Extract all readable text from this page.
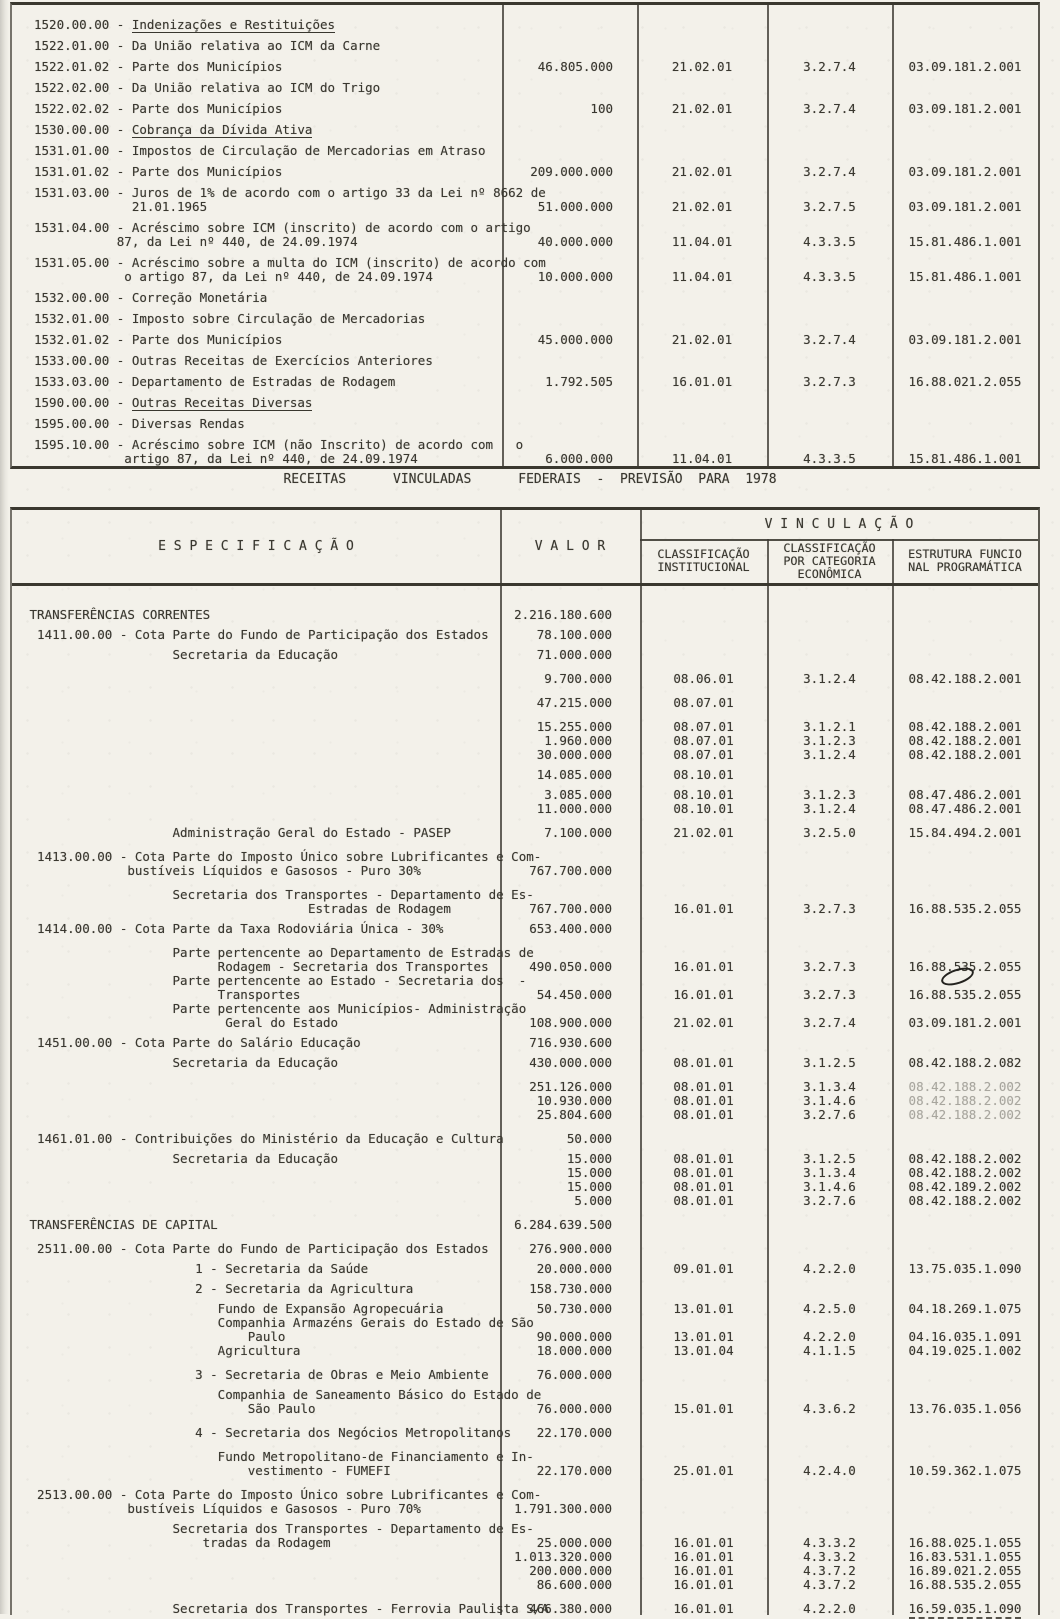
1520.00.00 - Indenizações e Restituições
1522.01.00 - Da União relativa ao ICM da Carne
1522.01.02 - Parte dos Municípios	46.805.000	21.02.01	3.2.7.4	03.09.181.2.001
1522.02.00 - Da União relativa ao ICM do Trigo
1522.02.02 - Parte dos Municípios	100	21.02.01	3.2.7.4	03.09.181.2.001
1530.00.00 - Cobrança da Dívida Ativa
1531.01.00 - Impostos de Circulação de Mercadorias em Atraso
1531.01.02 - Parte dos Municípios	209.000.000	21.02.01	3.2.7.4	03.09.181.2.001
1531.03.00 - Juros de 1% de acordo com o artigo 33 da Lei nº 8662 de
21.01.1965	51.000.000	21.02.01	3.2.7.5	03.09.181.2.001
1531.04.00 - Acréscimo sobre ICM (inscrito) de acordo com o artigo
87, da Lei nº 440, de 24.09.1974	40.000.000	11.04.01	4.3.3.5	15.81.486.1.001
1531.05.00 - Acréscimo sobre a multa do ICM (inscrito) de acordo com
o artigo 87, da Lei nº 440, de 24.09.1974	10.000.000	11.04.01	4.3.3.5	15.81.486.1.001
1532.00.00 - Correção Monetária
1532.01.00 - Imposto sobre Circulação de Mercadorias
1532.01.02 - Parte dos Municípios	45.000.000	21.02.01	3.2.7.4	03.09.181.2.001
1533.00.00 - Outras Receitas de Exercícios Anteriores
1533.03.00 - Departamento de Estradas de Rodagem	1.792.505	16.01.01	3.2.7.3	16.88.021.2.055
1590.00.00 - Outras Receitas Diversas
1595.00.00 - Diversas Rendas
1595.10.00 - Acréscimo sobre ICM (não Inscrito) de acordo com   o
artigo 87, da Lei nº 440, de 24.09.1974	6.000.000	11.04.01	4.3.3.5	15.81.486.1.001
RECEITAS      VINCULADAS      FEDERAIS  -  PREVISÃO  PARA  1978
E S P E C I F I C A Ç Ã O	V A L O R
V I N C U L A Ç Ã O
CLASSIFICAÇÃO
INSTITUCIONAL
CLASSIFICAÇÃO
POR CATEGORIA
ECONÔMICA
ESTRUTURA FUNCIO
NAL PROGRAMÁTICA
TRANSFERÊNCIAS CORRENTES	2.216.180.600
1411.00.00 - Cota Parte do Fundo de Participação dos Estados	78.100.000
Secretaria da Educação	71.000.000
9.700.000	08.06.01	3.1.2.4	08.42.188.2.001
47.215.000	08.07.01
15.255.000	08.07.01	3.1.2.1	08.42.188.2.001
1.960.000	08.07.01	3.1.2.3	08.42.188.2.001
30.000.000	08.07.01	3.1.2.4	08.42.188.2.001
14.085.000	08.10.01
3.085.000	08.10.01	3.1.2.3	08.47.486.2.001
11.000.000	08.10.01	3.1.2.4	08.47.486.2.001
Administração Geral do Estado - PASEP	7.100.000	21.02.01	3.2.5.0	15.84.494.2.001
1413.00.00 - Cota Parte do Imposto Único sobre Lubrificantes e Com-
bustíveis Líquidos e Gasosos - Puro 30%	767.700.000
Secretaria dos Transportes - Departamento de Es-
Estradas de Rodagem	767.700.000	16.01.01	3.2.7.3	16.88.535.2.055
1414.00.00 - Cota Parte da Taxa Rodoviária Única - 30%	653.400.000
Parte pertencente ao Departamento de Estradas de
Rodagem - Secretaria dos Transportes	490.050.000	16.01.01	3.2.7.3	16.88.535.2.055
Parte pertencente ao Estado - Secretaria dos  -
Transportes	54.450.000	16.01.01	3.2.7.3	16.88.535.2.055
Parte pertencente aos Municípios- Administração
Geral do Estado	108.900.000	21.02.01	3.2.7.4	03.09.181.2.001
1451.00.00 - Cota Parte do Salário Educação	716.930.600
Secretaria da Educação	430.000.000	08.01.01	3.1.2.5	08.42.188.2.082
251.126.000	08.01.01	3.1.3.4	08.42.188.2.002
10.930.000	08.01.01	3.1.4.6	08.42.188.2.002
25.804.600	08.01.01	3.2.7.6	08.42.188.2.002
1461.01.00 - Contribuições do Ministério da Educação e Cultura	50.000
Secretaria da Educação	15.000	08.01.01	3.1.2.5	08.42.188.2.002
15.000	08.01.01	3.1.3.4	08.42.188.2.002
15.000	08.01.01	3.1.4.6	08.42.189.2.002
5.000	08.01.01	3.2.7.6	08.42.188.2.002
TRANSFERÊNCIAS DE CAPITAL	6.284.639.500
2511.00.00 - Cota Parte do Fundo de Participação dos Estados	276.900.000
1 - Secretaria da Saúde	20.000.000	09.01.01	4.2.2.0	13.75.035.1.090
2 - Secretaria da Agricultura	158.730.000
Fundo de Expansão Agropecuária	50.730.000	13.01.01	4.2.5.0	04.18.269.1.075
Companhia Armazéns Gerais do Estado de São
Paulo	90.000.000	13.01.01	4.2.2.0	04.16.035.1.091
Agricultura	18.000.000	13.01.04	4.1.1.5	04.19.025.1.002
3 - Secretaria de Obras e Meio Ambiente	76.000.000
Companhia de Saneamento Básico do Estado de
São Paulo	76.000.000	15.01.01	4.3.6.2	13.76.035.1.056
4 - Secretaria dos Negócios Metropolitanos	22.170.000
Fundo Metropolitano-de Financiamento e In-
vestimento - FUMEFI	22.170.000	25.01.01	4.2.4.0	10.59.362.1.075
2513.00.00 - Cota Parte do Imposto Único sobre Lubrificantes e Com-
bustíveis Líquidos e Gasosos - Puro 70%	1.791.300.000
Secretaria dos Transportes - Departamento de Es-
tradas da Rodagem	25.000.000	16.01.01	4.3.3.2	16.88.025.1.055
1.013.320.000	16.01.01	4.3.3.2	16.83.531.1.055
200.000.000	16.01.01	4.3.7.2	16.89.021.2.055
86.600.000	16.01.01	4.3.7.2	16.88.535.2.055
Secretaria dos Transportes - Ferrovia Paulista S/A
466.380.000	16.01.01	4.2.2.0	16.59.035.1.090
